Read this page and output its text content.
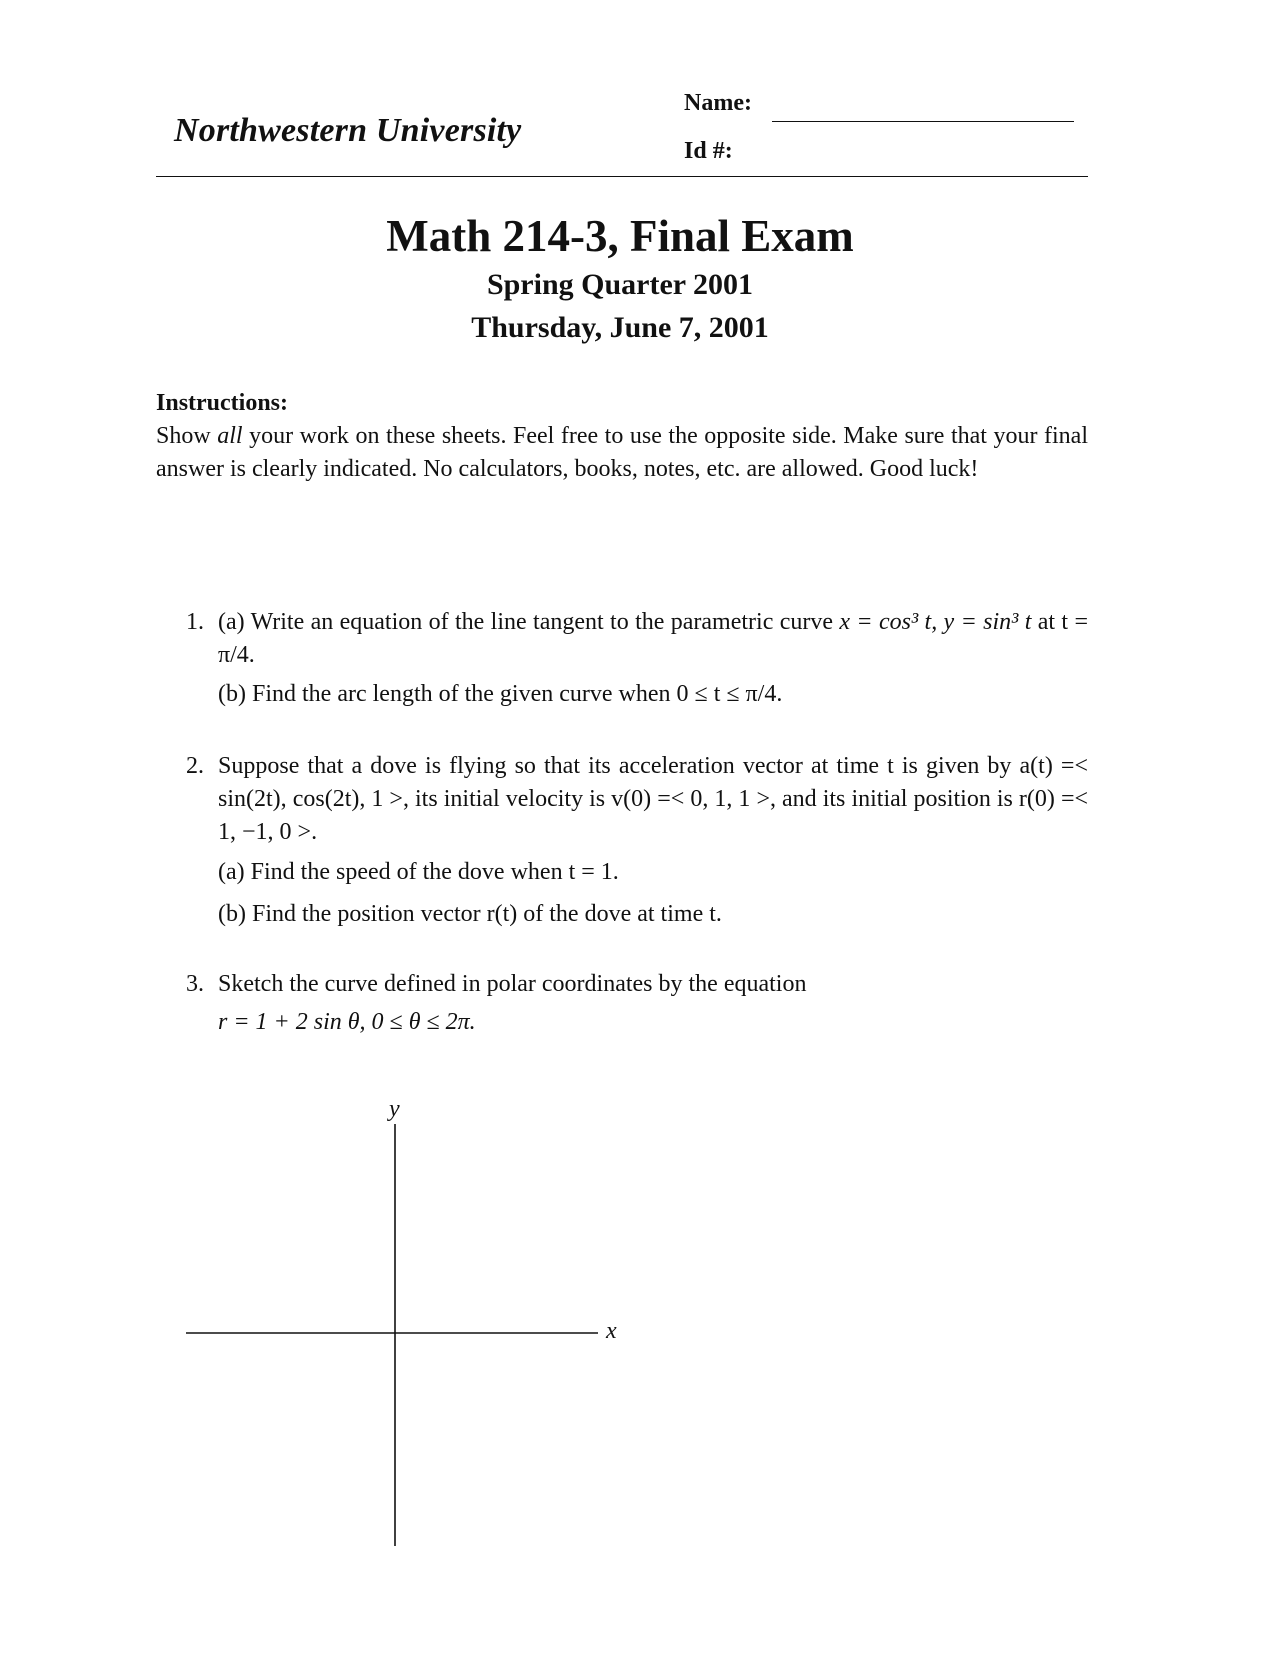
Northwestern University
Name:
Id #:
Math 214-3, Final Exam
Spring Quarter 2001
Thursday, June 7, 2001
Instructions:
Show all your work on these sheets. Feel free to use the opposite side. Make sure that your final answer is clearly indicated. No calculators, books, notes, etc. are allowed. Good luck!
1. (a) Write an equation of the line tangent to the parametric curve x = cos³ t, y = sin³ t at t = π/4.
(b) Find the arc length of the given curve when 0 ≤ t ≤ π/4.
2. Suppose that a dove is flying so that its acceleration vector at time t is given by a(t) =< sin(2t), cos(2t), 1 >, its initial velocity is v(0) =< 0, 1, 1 >, and its initial position is r(0) =< 1, −1, 0 >.
(a) Find the speed of the dove when t = 1.
(b) Find the position vector r(t) of the dove at time t.
3. Sketch the curve defined in polar coordinates by the equation
r = 1 + 2 sin θ, 0 ≤ θ ≤ 2π.
x
y
